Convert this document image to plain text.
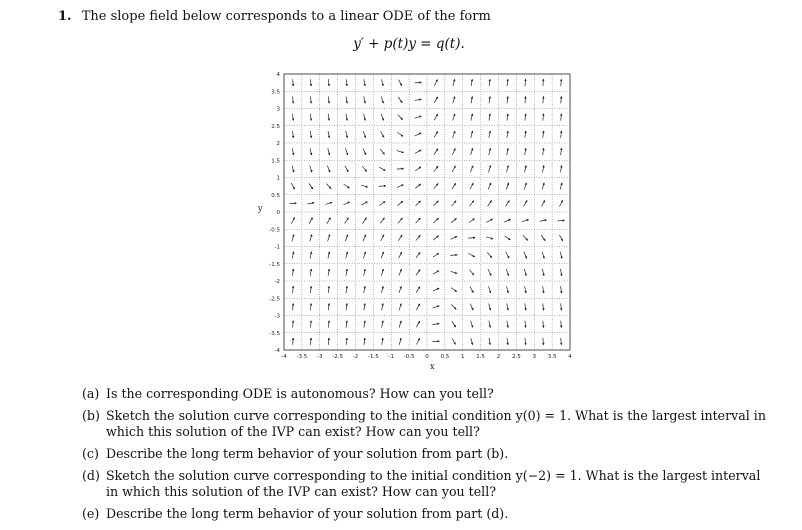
1. The slope field below corresponds to a linear ODE of the form
y′ + p(t)y = q(t).
-4 -3.5 -3 -2.5 -2 -1.5 -1 -0.5 0 0.5 1 1.5 2 2.5 3 3.5 4
4
3.5
3
2.5
2
1.5
1
0.5
0
-0.5
-1
-1.5
-2
-2.5
-3
-3.5
-4
y
x
(a) Is the corresponding ODE is autonomous? How can you tell?
(b) Sketch the solution curve corresponding to the initial condition y(0) = 1. What is the largest interval in which this solution of the IVP can exist? How can you tell?
(c) Describe the long term behavior of your solution from part (b).
(d) Sketch the solution curve corresponding to the initial condition y(−2) = 1. What is the largest interval in which this solution of the IVP can exist? How can you tell?
(e) Describe the long term behavior of your solution from part (d).
